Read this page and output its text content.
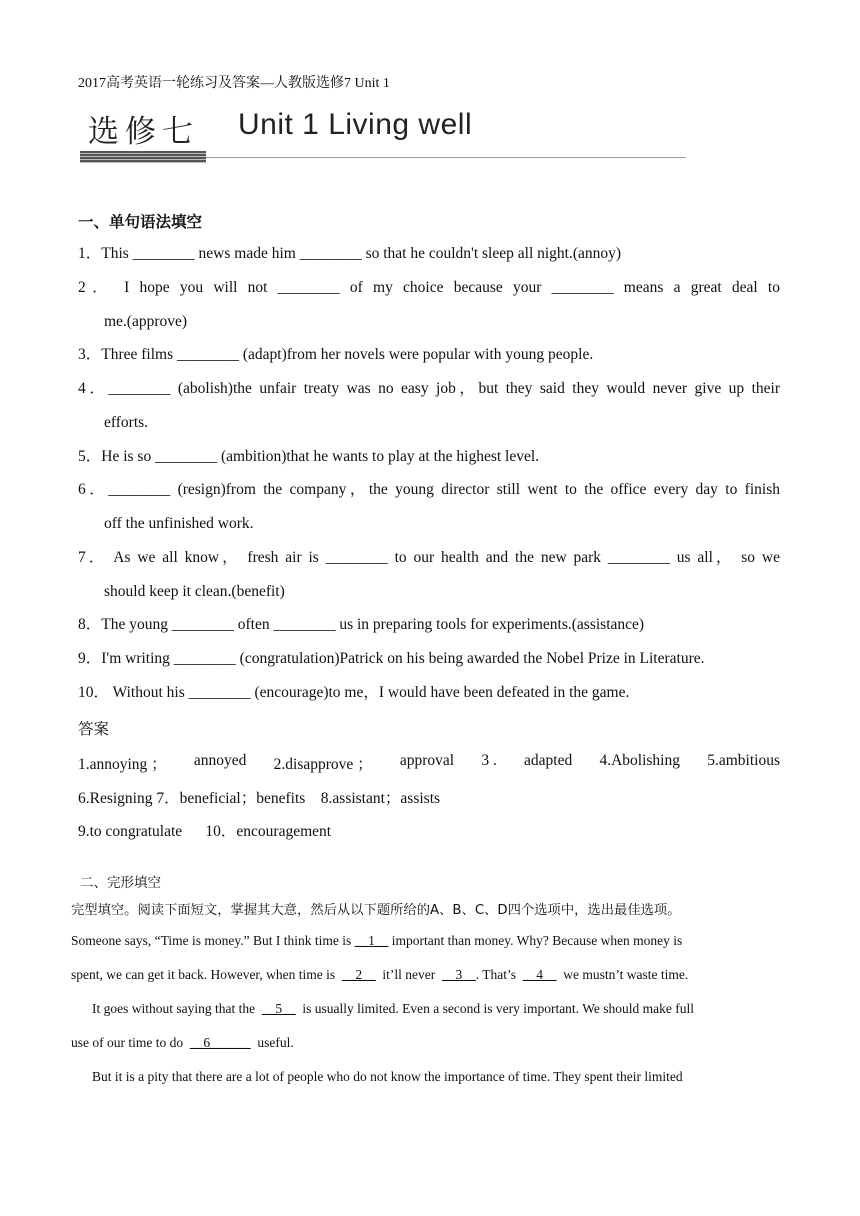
2017高考英语一轮练习及答案—人教版选修7 Unit 1
选修七 Unit 1 Living well
一、单句语法填空
1．This ________ news made him ________ so that he couldn't sleep all night.(annoy)
2． I hope you will not ________ of my choice because your ________ means a great deal to
me.(approve)
3．Three films ________ (adapt)from her novels were popular with young people.
4．________ (abolish)the unfair treaty was no easy job，but they said they would never give up their
efforts.
5．He is so ________ (ambition)that he wants to play at the highest level.
6．________ (resign)from the company，the young director still went to the office every day to finish
off the unfinished work.
7． As we all know， fresh air is ________ to our health and the new park ________ us all， so we
should keep it clean.(benefit)
8．The young ________ often ________ us in preparing tools for experiments.(assistance)
9．I'm writing ________ (congratulation)Patrick on his being awarded the Nobel Prize in Literature.
10． Without his ________ (encourage)to me，I would have been defeated in the game.
答案
1.annoying ； annoyed 2.disapprove ； approval 3 . adapted 4.Abolishing 5.ambitious
6.Resigning 7．beneficial；benefits    8.assistant；assists
9.to congratulate      10．encouragement
二、完形填空
完型填空。阅读下面短文，掌握其大意，然后从以下题所给的A、B、C、D四个选项中，选出最佳选项。
Someone says, “Time is money.” But I think time is __1__ important than money. Why? Because when money is
spent, we can get it back. However, when time is  __2__  it’ll never  __3__. That’s  __4__  we mustn’t waste time.
It goes without saying that the  __5__  is usually limited. Even a second is very important. We should make full
use of our time to do  __6______  useful.
But it is a pity that there are a lot of people who do not know the importance of time. They spent their limited
